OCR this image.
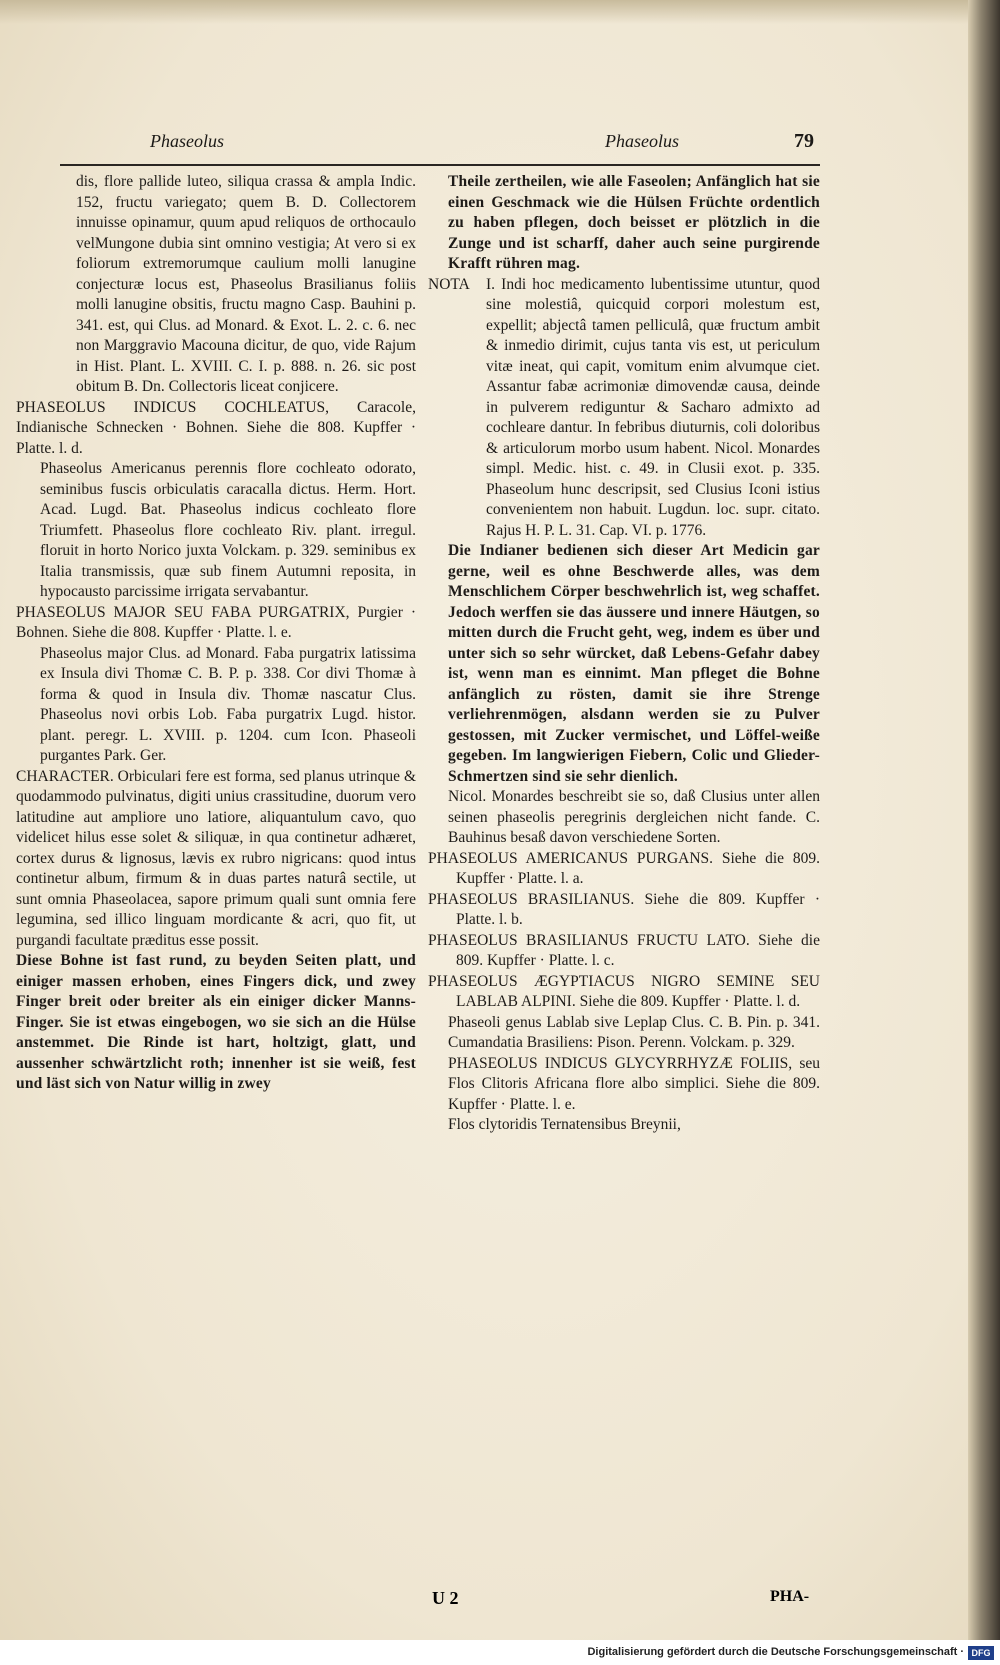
Phaseolus	Phaseolus	79

dis, flore pallide luteo, siliqua crassa & ampla Indic. 152, fructu variegato; quem B. D. Collectorem innuisse opinamur, quum apud reliquos de orthocaulo velMungone dubia sint omnino vestigia; At vero si ex foliorum extremorumque caulium molli lanugine conjecturæ locus est, Phaseolus Brasilianus foliis molli lanugine obsitis, fructu magno Casp. Bauhini p. 341. est, qui Clus. ad Monard. & Exot. L. 2. c. 6. nec non Marggravio Macouna dicitur, de quo, vide Rajum in Hist. Plant. L. XVIII. C. I. p. 888. n. 26. sic post obitum B. Dn. Collectoris liceat conjicere.

PHASEOLUS INDICUS COCHLEATUS, Caracole, Indianische Schnecken · Bohnen. Siehe die 808. Kupffer · Platte. l. d.

Phaseolus Americanus perennis flore cochleato odorato, seminibus fuscis orbiculatis caracalla dictus. Herm. Hort. Acad. Lugd. Bat. Phaseolus indicus cochleato flore Triumfett. Phaseolus flore cochleato Riv. plant. irregul. floruit in horto Norico juxta Volckam. p. 329. seminibus ex Italia transmissis, quæ sub finem Autumni reposita, in hypocausto parcissime irrigata servabantur.

PHASEOLUS MAJOR SEU FABA PURGATRIX, Purgier · Bohnen. Siehe die 808. Kupffer · Platte. l. e.

Phaseolus major Clus. ad Monard. Faba purgatrix latissima ex Insula divi Thomæ C. B. P. p. 338. Cor divi Thomæ à forma & quod in Insula div. Thomæ nascatur Clus. Phaseolus novi orbis Lob. Faba purgatrix Lugd. histor. plant. peregr. L. XVIII. p. 1204. cum Icon. Phaseoli purgantes Park. Ger.

CHARACTER. Orbiculari fere est forma, sed planus utrinque & quodammodo pulvinatus, digiti unius crassitudine, duorum vero latitudine aut ampliore uno latiore, aliquantulum cavo, quo videlicet hilus esse solet & siliquæ, in qua continetur adhæret, cortex durus & lignosus, lævis ex rubro nigricans: quod intus continetur album, firmum & in duas partes naturâ sectile, ut sunt omnia Phaseolacea, sapore primum quali sunt omnia fere legumina, sed illico linguam mordicante & acri, quo fit, ut purgandi facultate præditus esse possit.

Diese Bohne ist fast rund, zu beyden Seiten platt, und einiger massen erhoben, eines Fingers dick, und zwey Finger breit oder breiter als ein einiger dicker Manns-Finger. Sie ist etwas eingebogen, wo sie sich an die Hülse anstemmet. Die Rinde ist hart, holtzigt, glatt, und aussenher schwärtzlicht roth; innenher ist sie weiß, fest und läst sich von Natur willig in zwey

Theile zertheilen, wie alle Faseolen; Anfänglich hat sie einen Geschmack wie die Hülsen Früchte ordentlich zu haben pflegen, doch beisset er plötzlich in die Zunge und ist scharff, daher auch seine purgirende Krafft rühren mag.

NOTA	I. Indi hoc medicamento lubentissime utuntur, quod sine molestiâ, quicquid corpori molestum est, expellit; abjectâ tamen pelliculâ, quæ fructum ambit & inmedio dirimit, cujus tanta vis est, ut periculum vitæ ineat, qui capit, vomitum enim alvumque ciet. Assantur fabæ acrimoniæ dimovendæ causa, deinde in pulverem rediguntur & Sacharo admixto ad cochleare dantur. In febribus diuturnis, coli doloribus & articulorum morbo usum habent. Nicol. Monardes simpl. Medic. hist. c. 49. in Clusii exot. p. 335. Phaseolum hunc descripsit, sed Clusius Iconi istius convenientem non habuit. Lugdun. loc. supr. citato. Rajus H. P. L. 31. Cap. VI. p. 1776.

Die Indianer bedienen sich dieser Art Medicin gar gerne, weil es ohne Beschwerde alles, was dem Menschlichem Cörper beschwehrlich ist, weg schaffet. Jedoch werffen sie das äussere und innere Häutgen, so mitten durch die Frucht geht, weg, indem es über und unter sich so sehr würcket, daß Lebens-Gefahr dabey ist, wenn man es einnimt. Man pfleget die Bohne anfänglich zu rösten, damit sie ihre Strenge verliehrenmögen, alsdann werden sie zu Pulver gestossen, mit Zucker vermischet, und Löffel-weiße gegeben. Im langwierigen Fiebern, Colic und Glieder-Schmertzen sind sie sehr dienlich.

Nicol. Monardes beschreibt sie so, daß Clusius unter allen seinen phaseolis peregrinis dergleichen nicht fande. C. Bauhinus besaß davon verschiedene Sorten.

PHASEOLUS AMERICANUS PURGANS. Siehe die 809. Kupffer · Platte. l. a.

PHASEOLUS BRASILIANUS. Siehe die 809. Kupffer · Platte. l. b.

PHASEOLUS BRASILIANUS FRUCTU LATO. Siehe die 809. Kupffer · Platte. l. c.

PHASEOLUS ÆGYPTIACUS NIGRO SEMINE SEU LABLAB ALPINI. Siehe die 809. Kupffer · Platte. l. d.

Phaseoli genus Lablab sive Leplap Clus. C. B. Pin. p. 341. Cumandatia Brasiliens: Pison. Perenn. Volckam. p. 329.

PHASEOLUS INDICUS GLYCYRRHYZÆ FOLIIS, seu Flos Clitoris Africana flore albo simplici. Siehe die 809. Kupffer · Platte. l. e.

Flos clytoridis Ternatensibus Breynii,

U 2	PHA-
Digitalisierung gefördert durch die Deutsche Forschungsgemeinschaft · DFG
